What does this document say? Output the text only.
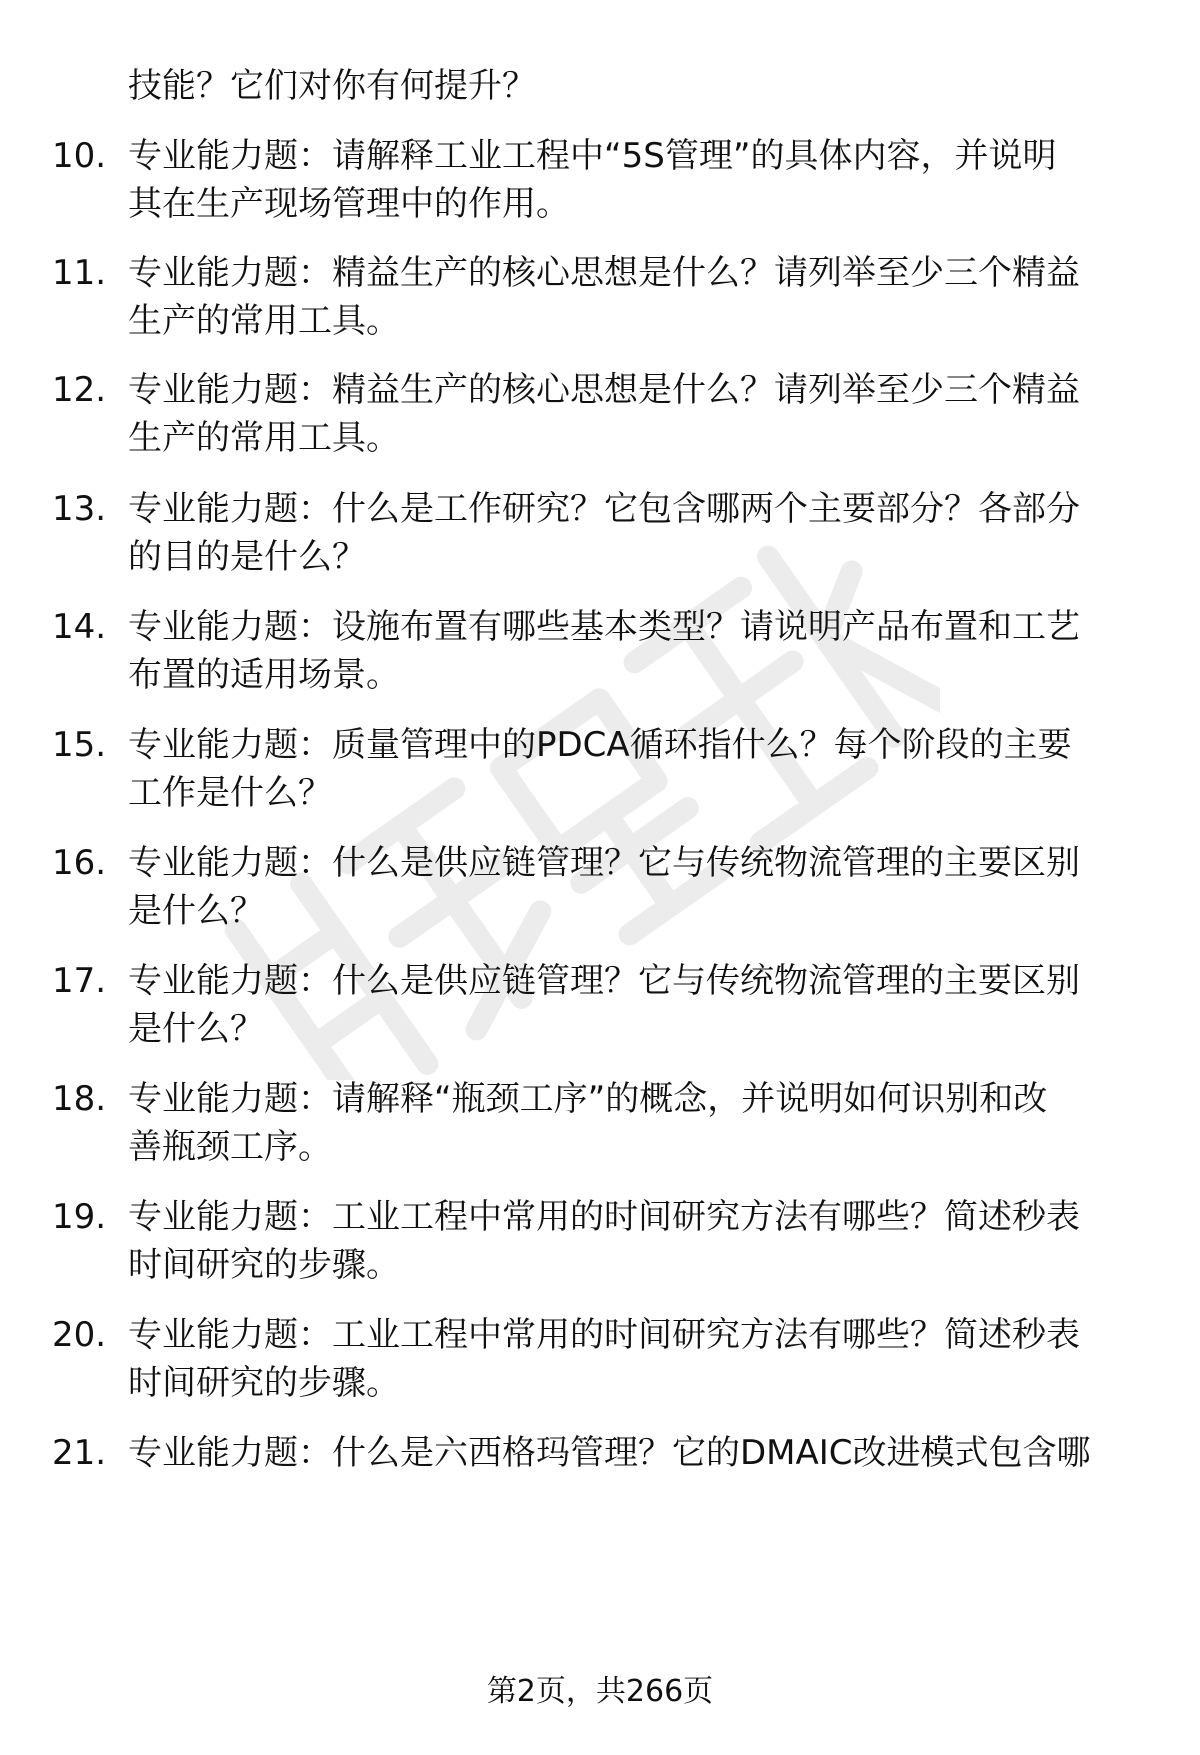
技能？它们对你有何提升？

10. 专业能力题：请解释工业工程中“5S管理”的具体内容，并说明
其在生产现场管理中的作用。
11. 专业能力题：精益生产的核心思想是什么？请列举至少三个精益
生产的常用工具。
12. 专业能力题：精益生产的核心思想是什么？请列举至少三个精益
生产的常用工具。
13. 专业能力题：什么是工作研究？它包含哪两个主要部分？各部分
的目的是什么？
14. 专业能力题：设施布置有哪些基本类型？请说明产品布置和工艺
布置的适用场景。
15. 专业能力题：质量管理中的PDCA循环指什么？每个阶段的主要
工作是什么？
16. 专业能力题：什么是供应链管理？它与传统物流管理的主要区别
是什么？
17. 专业能力题：什么是供应链管理？它与传统物流管理的主要区别
是什么？
18. 专业能力题：请解释“瓶颈工序”的概念，并说明如何识别和改
善瓶颈工序。
19. 专业能力题：工业工程中常用的时间研究方法有哪些？简述秒表
时间研究的步骤。
20. 专业能力题：工业工程中常用的时间研究方法有哪些？简述秒表
时间研究的步骤。
21. 专业能力题：什么是六西格玛管理？它的DMAIC改进模式包含哪
第2页，共266页
